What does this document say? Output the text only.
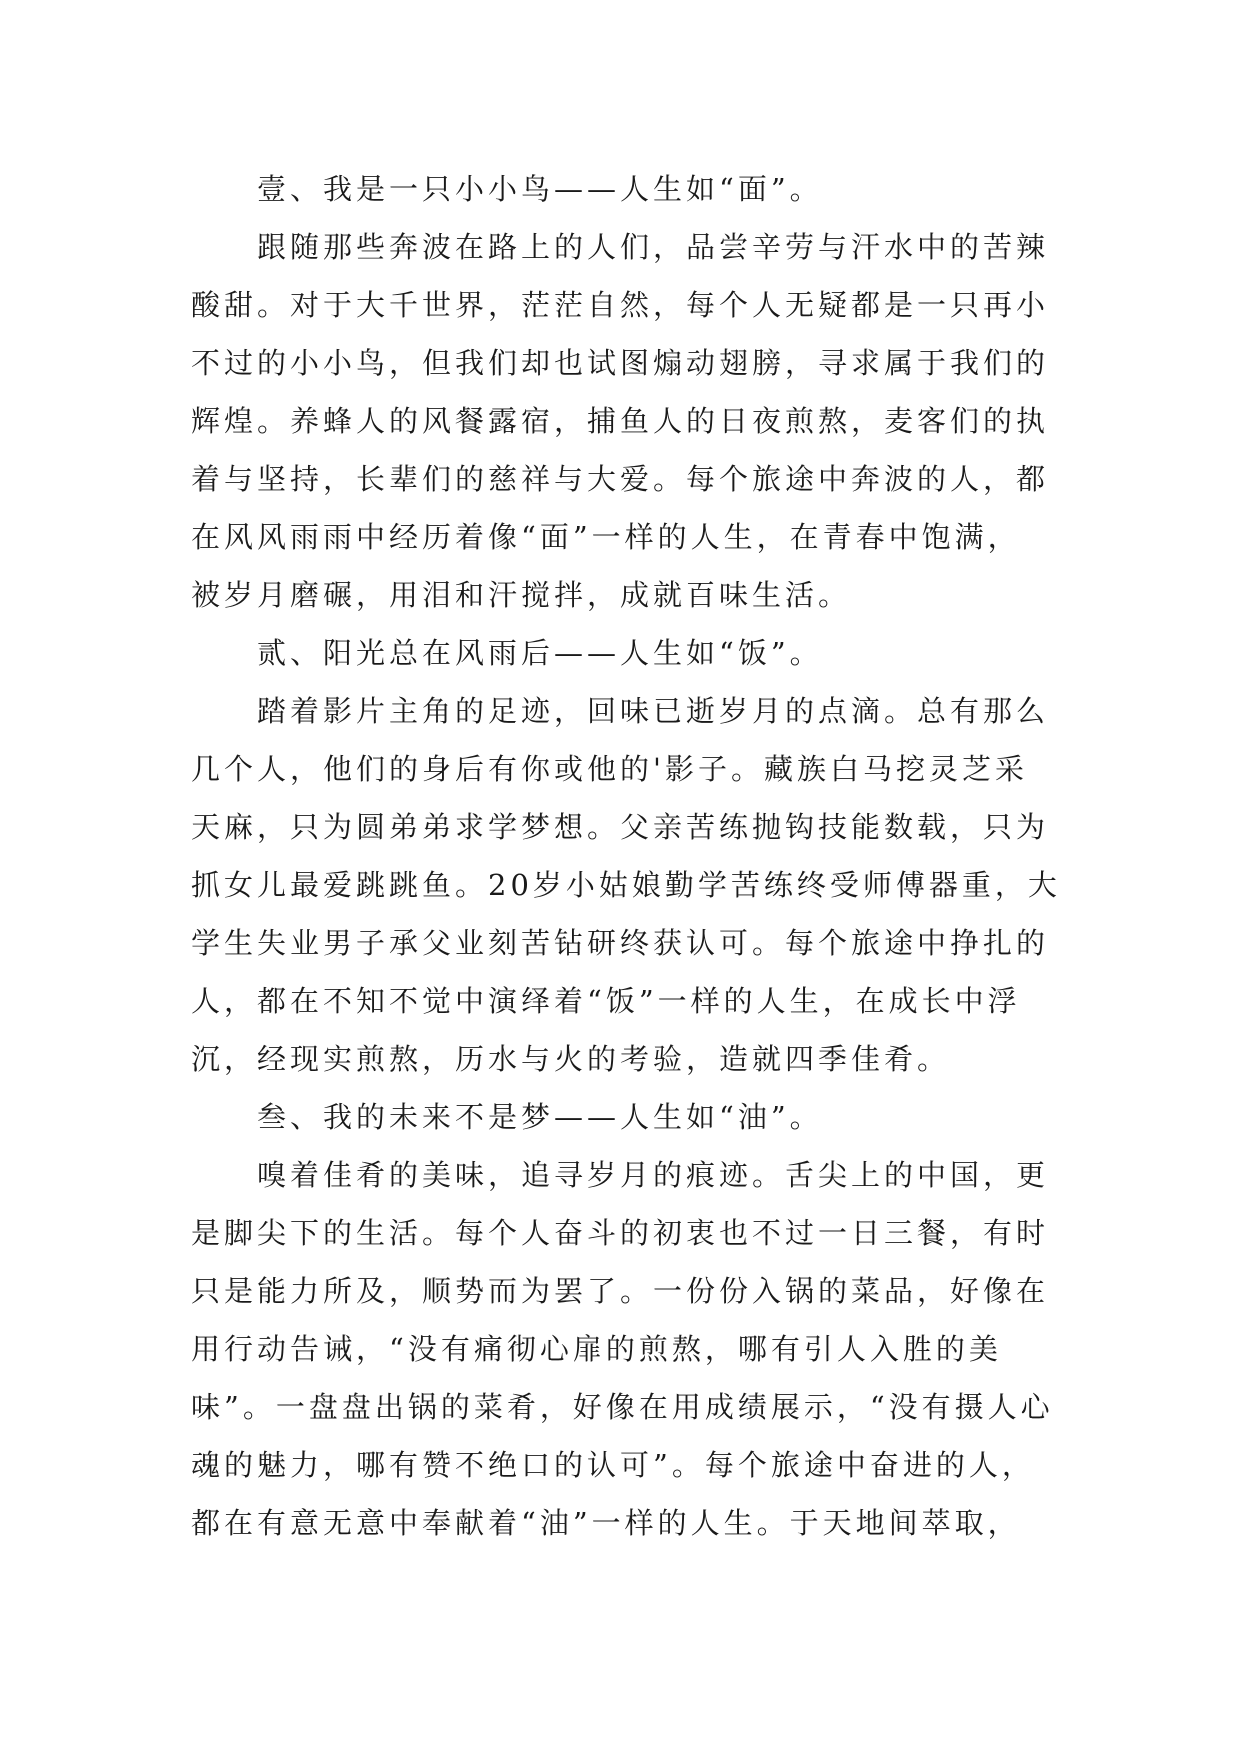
壹、我是一只小小鸟——人生如“面”。
跟随那些奔波在路上的人们，品尝辛劳与汗水中的苦辣
酸甜。对于大千世界，茫茫自然，每个人无疑都是一只再小
不过的小小鸟，但我们却也试图煽动翅膀，寻求属于我们的
辉煌。养蜂人的风餐露宿，捕鱼人的日夜煎熬，麦客们的执
着与坚持，长辈们的慈祥与大爱。每个旅途中奔波的人，都
在风风雨雨中经历着像“面”一样的人生，在青春中饱满，
被岁月磨碾，用泪和汗搅拌，成就百味生活。
贰、阳光总在风雨后——人生如“饭”。
踏着影片主角的足迹，回味已逝岁月的点滴。总有那么
几个人，他们的身后有你或他的'影子。藏族白马挖灵芝采
天麻，只为圆弟弟求学梦想。父亲苦练抛钩技能数载，只为
抓女儿最爱跳跳鱼。20岁小姑娘勤学苦练终受师傅器重，大
学生失业男子承父业刻苦钻研终获认可。每个旅途中挣扎的
人，都在不知不觉中演绎着“饭”一样的人生，在成长中浮
沉，经现实煎熬，历水与火的考验，造就四季佳肴。
叁、我的未来不是梦——人生如“油”。
嗅着佳肴的美味，追寻岁月的痕迹。舌尖上的中国，更
是脚尖下的生活。每个人奋斗的初衷也不过一日三餐，有时
只是能力所及，顺势而为罢了。一份份入锅的菜品，好像在
用行动告诫，“没有痛彻心扉的煎熬，哪有引人入胜的美
味”。一盘盘出锅的菜肴，好像在用成绩展示，“没有摄人心
魂的魅力，哪有赞不绝口的认可”。每个旅途中奋进的人，
都在有意无意中奉献着“油”一样的人生。于天地间萃取，
